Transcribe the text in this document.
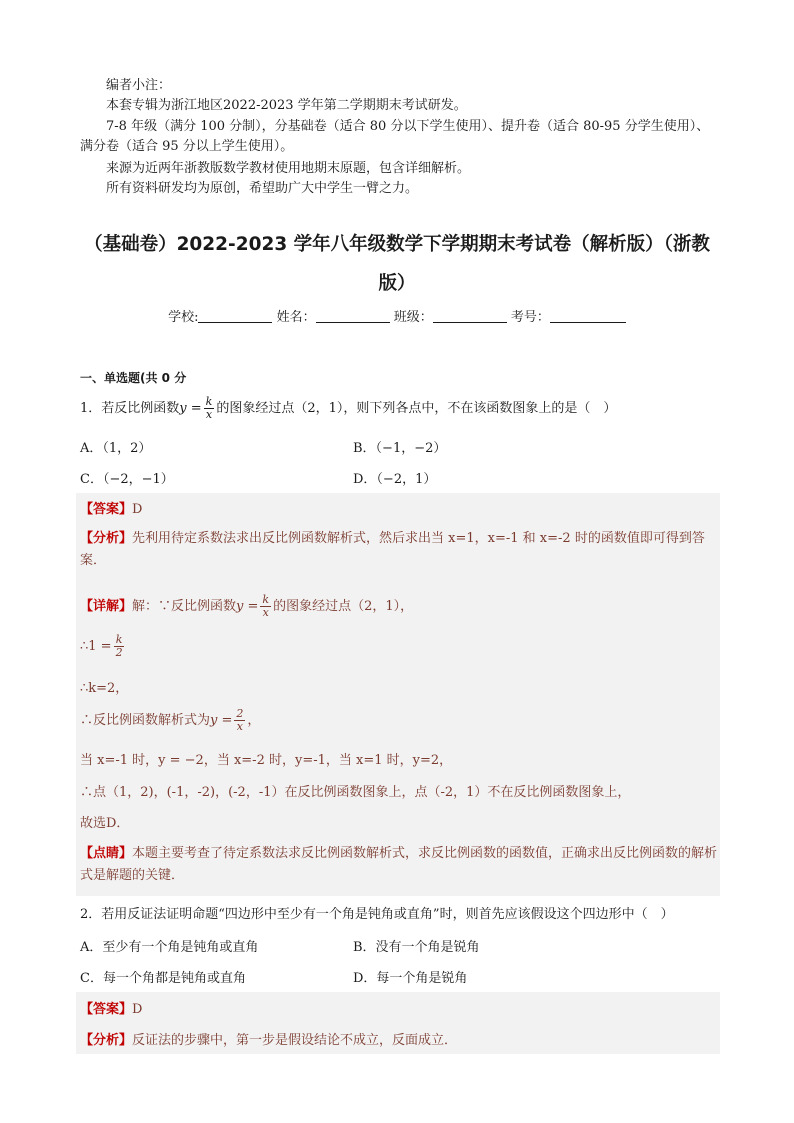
编者小注：
本套专辑为浙江地区2022-2023 学年第二学期期末考试研发。
7-8 年级（满分 100 分制），分基础卷（适合 80 分以下学生使用）、提升卷（适合 80-95 分学生使用）、满分卷（适合 95 分以上学生使用）。
来源为近两年浙教版数学教材使用地期末原题，包含详细解析。
所有资料研发均为原创，希望助广大中学生一臂之力。
（基础卷）2022-2023 学年八年级数学下学期期末考试卷（解析版）（浙教
版）
学校:	姓名：	班级：	考号：
一、单选题(共 0 分
1．若反比例函数$y = \frac{k}{x}$ 的图象经过点（2，1），则下列各点中，不在该函数图象上的是（　）
A．（1，2）	B．（−1，−2）
C．（−2，−1）	D．（−2，1）
【答案】D
【分析】先利用待定系数法求出反比例函数解析式，然后求出当 x=1，x=-1 和 x=-2 时的函数值即可得到答案．
【详解】解：∵反比例函数$y = \frac{k}{x}$ 的图象经过点（2，1），
∴1 = $\frac{k}{2}$
∴k=2，
∴反比例函数解析式为$y = \frac{2}{x}$ ，
当 x=-1 时，y = −2，当 x=-2 时，y=-1，当 x=1 时，y=2，
∴点（1，2)，(-1，-2)，(-2，-1）在反比例函数图象上，点（-2，1）不在反比例函数图象上，
故选D．
【点睛】本题主要考查了待定系数法求反比例函数解析式，求反比例函数的函数值，正确求出反比例函数的解析式是解题的关键．
2．若用反证法证明命题“四边形中至少有一个角是钝角或直角”时，则首先应该假设这个四边形中（　）
A．至少有一个角是钝角或直角	B．没有一个角是锐角
C．每一个角都是钝角或直角	D．每一个角是锐角
【答案】D
【分析】反证法的步骤中，第一步是假设结论不成立，反面成立．
